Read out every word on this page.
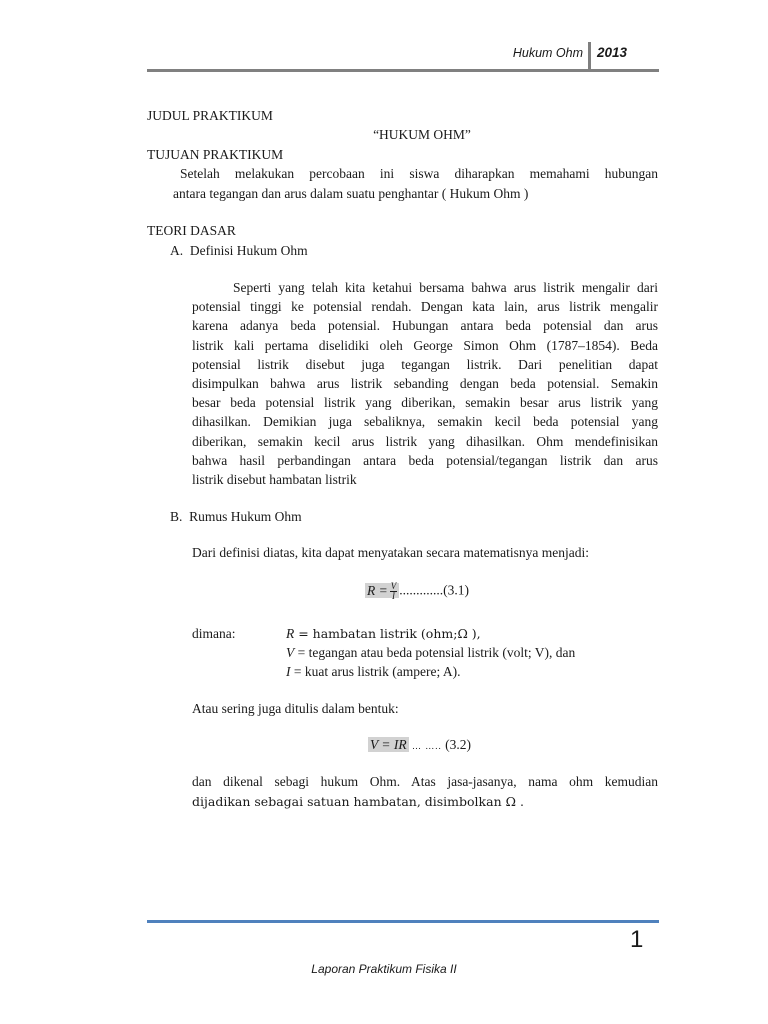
Hukum Ohm 2013
JUDUL PRAKTIKUM
“HUKUM OHM”
TUJUAN PRAKTIKUM
Setelah melakukan percobaan ini siswa diharapkan memahami hubungan
antara tegangan dan arus dalam suatu penghantar ( Hukum Ohm )
TEORI DASAR
A.  Definisi Hukum Ohm

Seperti yang telah kita ketahui bersama bahwa arus listrik mengalir dari

potensial tinggi ke potensial rendah. Dengan kata lain, arus listrik mengalir

karena adanya beda potensial. Hubungan antara beda potensial dan arus

listrik kali pertama diselidiki oleh George Simon Ohm (1787–1854). Beda

potensial listrik disebut juga tegangan listrik. Dari penelitian dapat

disimpulkan bahwa arus listrik sebanding dengan beda potensial. Semakin

besar beda potensial listrik yang diberikan, semakin besar arus listrik yang

dihasilkan. Demikian juga sebaliknya, semakin kecil beda potensial yang

diberikan, semakin kecil arus listrik yang dihasilkan. Ohm mendefinisikan

bahwa hasil perbandingan antara beda potensial/tegangan listrik dan arus

listrik disebut hambatan listrik

B.  Rumus Hukum Ohm
Dari definisi diatas, kita dapat menyatakan secara matematisnya menjadi:
$R = \frac{V}{I} .............(3.1)$
dimana:	R = hambatan listrik (ohm;Ω ),
V = tegangan atau beda potensial listrik (volt; V), dan
I = kuat arus listrik (ampere; A).
Atau sering juga ditulis dalam bentuk:
V = IR … ….. (3.2)
dan dikenal sebagi hukum Ohm. Atas jasa-jasanya, nama ohm kemudian
dijadikan sebagai satuan hambatan, disimbolkan Ω .
1
Laporan Praktikum Fisika II
